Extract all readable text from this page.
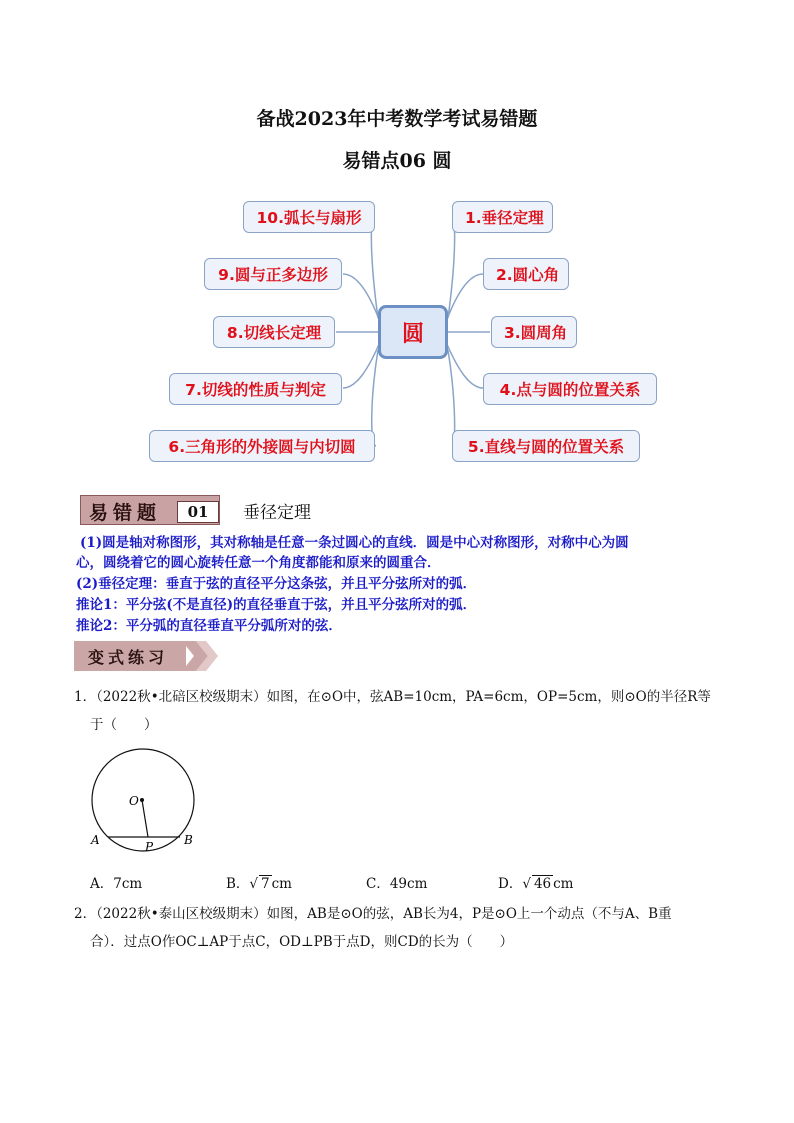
备战2023年中考数学考试易错题
易错点06 圆
10.弧长与扇形
9.圆与正多边形
8.切线长定理
7.切线的性质与判定
6.三角形的外接圆与内切圆
圆
1.垂径定理
2.圆心角
3.圆周角
4.点与圆的位置关系
5.直线与圆的位置关系
易错题	01	垂径定理
(1)圆是轴对称图形，其对称轴是任意一条过圆心的直线．圆是中心对称图形，对称中心为圆
心，圆绕着它的圆心旋转任意一个角度都能和原来的圆重合．
(2)垂径定理：垂直于弦的直径平分这条弦，并且平分弦所对的弧．
推论1：平分弦(不是直径)的直径垂直于弦，并且平分弦所对的弧．
推论2：平分弧的直径垂直平分弧所对的弦．
变式练习
1．（2022秋•北碚区校级期末）如图，在⊙O中，弦AB=10cm，PA=6cm，OP=5cm，则⊙O的半径R等
于（　　）
O
A	B
P
A．7cm	B．√ 7 cm	C．49cm	D．√ 46 cm
2．（2022秋•泰山区校级期末）如图，AB是⊙O的弦，AB长为4，P是⊙O上一个动点（不与A、B重
合）．过点O作OC⊥AP于点C，OD⊥PB于点D，则CD的长为（　　）
